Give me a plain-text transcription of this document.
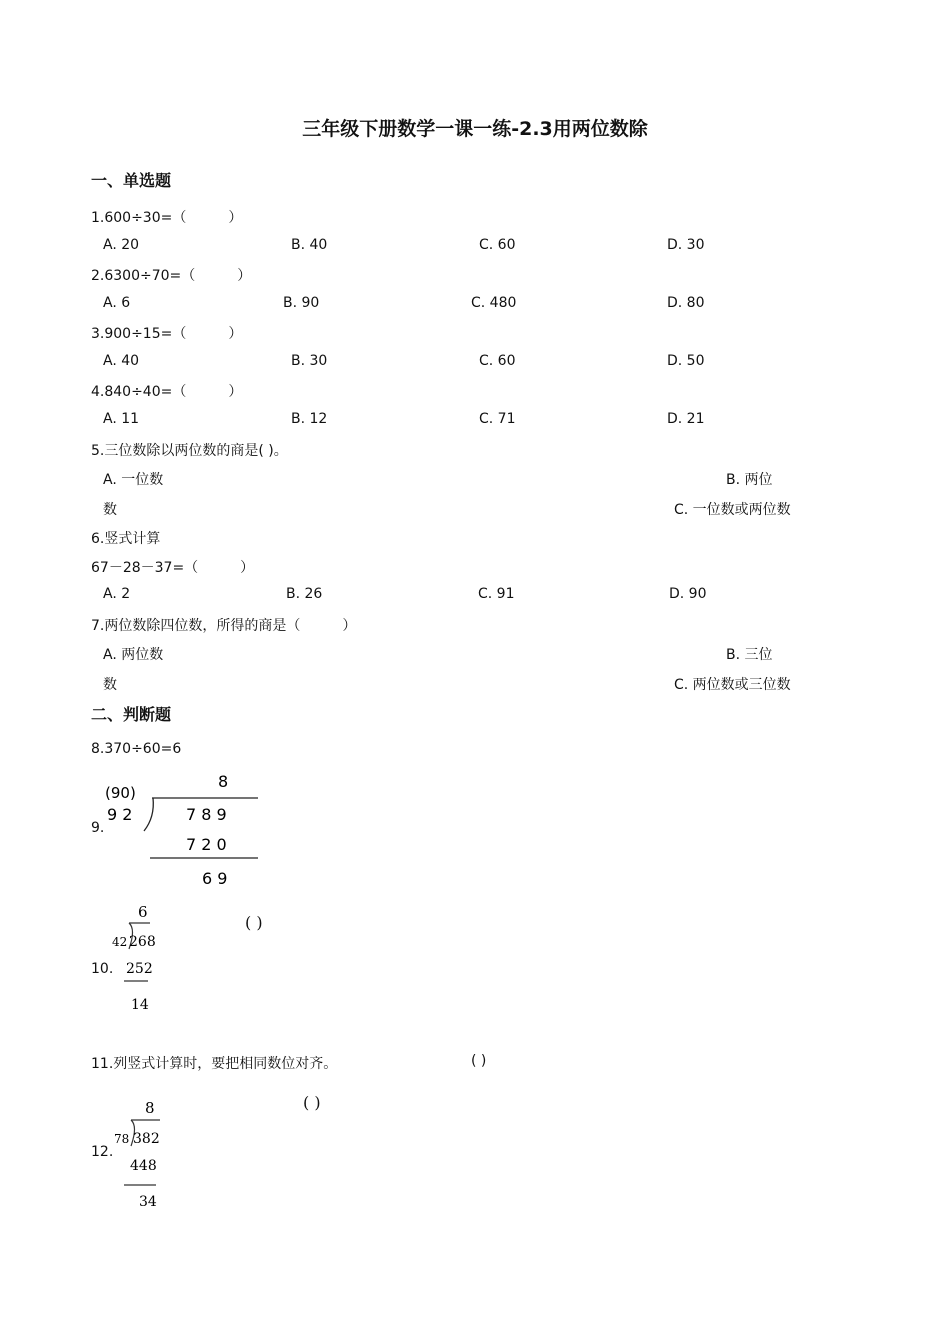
三年级下册数学一课一练-2.3用两位数除
一、单选题
1.600÷30=（　　　）
A. 20	B. 40	C. 60	D. 30
2.6300÷70=（　　　）
A. 6	B. 90	C. 480	D. 80
3.900÷15=（　　　）
A. 40	B. 30	C. 60	D. 50
4.840÷40=（　　　）
A. 11	B. 12	C. 71	D. 21
5.三位数除以两位数的商是( )。
A. 一位数	B. 两位
数	C. 一位数或两位数
6.竖式计算
67－28－37=（　　　）
A. 2	B. 26	C. 91	D. 90
7.两位数除四位数，所得的商是（　　　）
A. 两位数	B. 三位
数	C. 两位数或三位数
二、判断题
8.370÷60=6
9.
8
(90)
9 2	7 8 9
7 2 0
6 9
10.
6
42 268
252
14
( )
11.列竖式计算时，要把相同数位对齐。	( )
12.
8
78 382
448
34
( )
